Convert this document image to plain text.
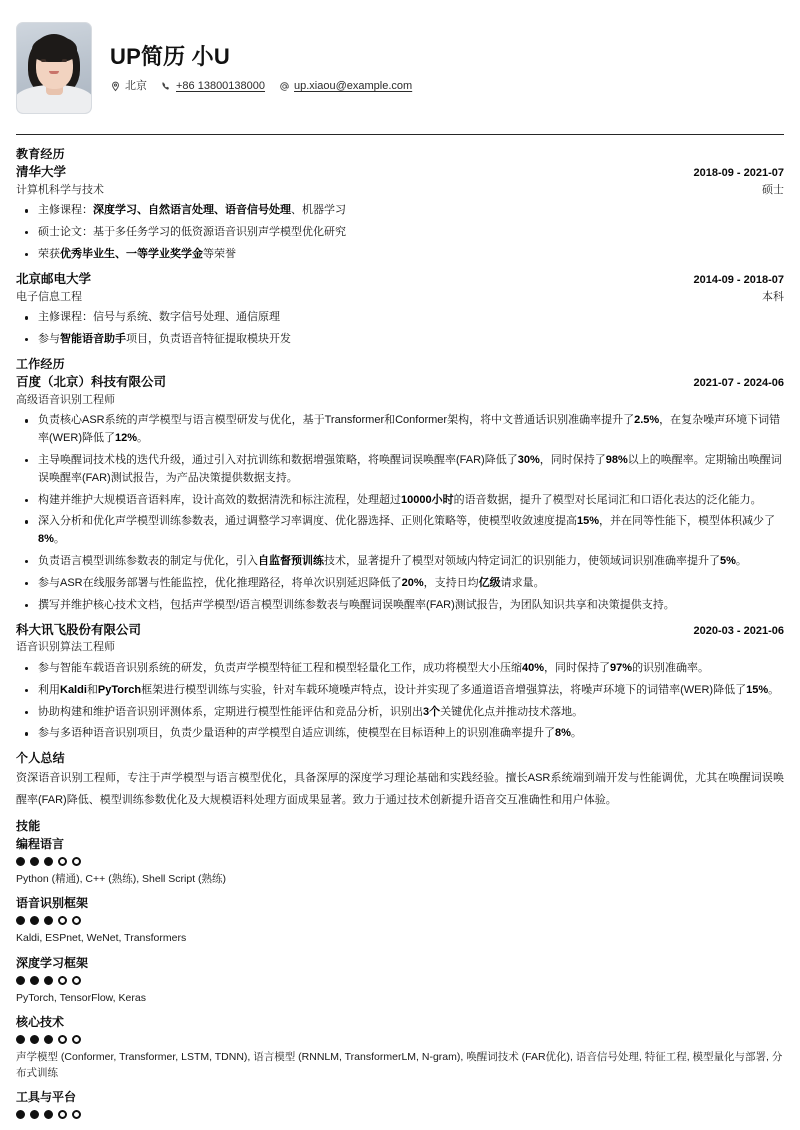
UP简历 小U
北京	+86 13800138000	up.xiaou@example.com
教育经历
清华大学	2018-09 - 2021-07
计算机科学与技术	硕士
主修课程：深度学习、自然语言处理、语音信号处理、机器学习
硕士论文：基于多任务学习的低资源语音识别声学模型优化研究
荣获优秀毕业生、一等学业奖学金等荣誉
北京邮电大学	2014-09 - 2018-07
电子信息工程	本科
主修课程：信号与系统、数字信号处理、通信原理
参与智能语音助手项目，负责语音特征提取模块开发
工作经历
百度（北京）科技有限公司	2021-07 - 2024-06
高级语音识别工程师
负责核心ASR系统的声学模型与语言模型研发与优化，基于Transformer和Conformer架构，将中文普通话识别准确率提升了2.5%，在复杂噪声环境下词错率(WER)降低了12%。
主导唤醒词技术栈的迭代升级，通过引入对抗训练和数据增强策略，将唤醒词误唤醒率(FAR)降低了30%，同时保持了98%以上的唤醒率。定期输出唤醒词误唤醒率(FAR)测试报告，为产品决策提供数据支持。
构建并维护大规模语音语料库，设计高效的数据清洗和标注流程，处理超过10000小时的语音数据，提升了模型对长尾词汇和口语化表达的泛化能力。
深入分析和优化声学模型训练参数表，通过调整学习率调度、优化器选择、正则化策略等，使模型收敛速度提高15%，并在同等性能下，模型体积减少了8%。
负责语言模型训练参数表的制定与优化，引入自监督预训练技术，显著提升了模型对领域内特定词汇的识别能力，使领域词识别准确率提升了5%。
参与ASR在线服务部署与性能监控，优化推理路径，将单次识别延迟降低了20%，支持日均亿级请求量。
撰写并维护核心技术文档，包括声学模型/语言模型训练参数表与唤醒词误唤醒率(FAR)测试报告，为团队知识共享和决策提供支持。
科大讯飞股份有限公司	2020-03 - 2021-06
语音识别算法工程师
参与智能车载语音识别系统的研发，负责声学模型特征工程和模型轻量化工作，成功将模型大小压缩40%，同时保持了97%的识别准确率。
利用Kaldi和PyTorch框架进行模型训练与实验，针对车载环境噪声特点，设计并实现了多通道语音增强算法，将噪声环境下的词错率(WER)降低了15%。
协助构建和维护语音识别评测体系，定期进行模型性能评估和竞品分析，识别出3个关键优化点并推动技术落地。
参与多语种语音识别项目，负责少量语种的声学模型自适应训练，使模型在目标语种上的识别准确率提升了8%。
个人总结
资深语音识别工程师，专注于声学模型与语言模型优化，具备深厚的深度学习理论基础和实践经验。擅长ASR系统端到端开发与性能调优，尤其在唤醒词误唤醒率(FAR)降低、模型训练参数优化及大规模语料处理方面成果显著。致力于通过技术创新提升语音交互准确性和用户体验。
技能
编程语言
Python (精通), C++ (熟练), Shell Script (熟练)
语音识别框架
Kaldi, ESPnet, WeNet, Transformers
深度学习框架
PyTorch, TensorFlow, Keras
核心技术
声学模型 (Conformer, Transformer, LSTM, TDNN), 语言模型 (RNNLM, TransformerLM, N-gram), 唤醒词技术 (FAR优化), 语音信号处理, 特征工程, 模型量化与部署, 分布式训练
工具与平台
